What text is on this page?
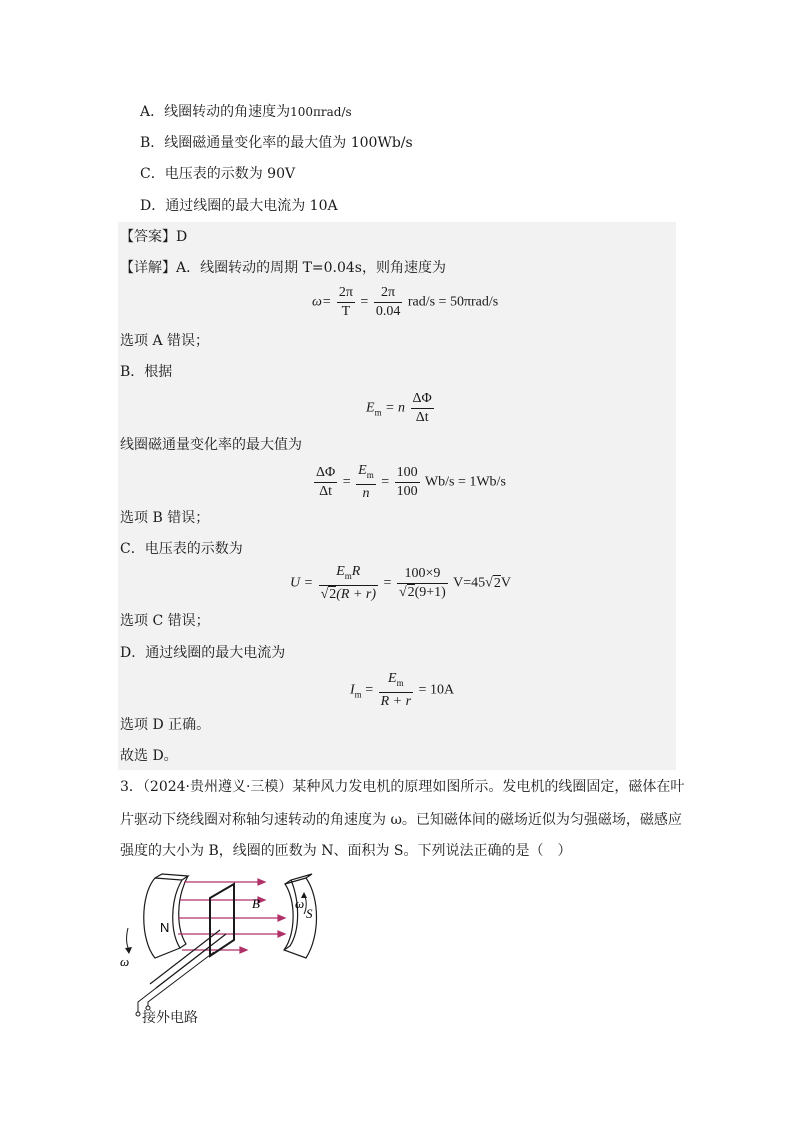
A．线圈转动的角速度为100πrad/s
B．线圈磁通量变化率的最大值为 100Wb/s
C．电压表的示数为 90V
D．通过线圈的最大电流为 10A
【答案】D
【详解】A．线圈转动的周期 T=0.04s，则角速度为
$\omega= \frac{2\pi}{T} = \frac{2\pi}{0.04} rad/s = 50\pi rad/s$
选项 A 错误；
B．根据
$E_m = n \frac{\Delta\Phi}{\Delta t}$
线圈磁通量变化率的最大值为
$\frac{\Delta\Phi}{\Delta t} = \frac{E_m}{n} = \frac{100}{100} Wb/s = 1Wb/s$
选项 B 错误；
C．电压表的示数为
$U = \frac{E_mR}{√2(R + r)} = \frac{100\times 9}{√2(9+1)} V=45√2V$
选项 C 错误；
D．通过线圈的最大电流为
$I_m = \frac{E_m}{R + r} = 10A$
选项 D 正确。
故选 D。
3．（2024·贵州遵义·三模）某种风力发电机的原理如图所示。发电机的线圈固定，磁体在叶
片驱动下绕线圈对称轴匀速转动的角速度为 ω。已知磁体间的磁场近似为匀强磁场，磁感应
强度的大小为 B，线圈的匝数为 N、面积为 S。下列说法正确的是（　）
N
S
B
ω
ω
接外电路
